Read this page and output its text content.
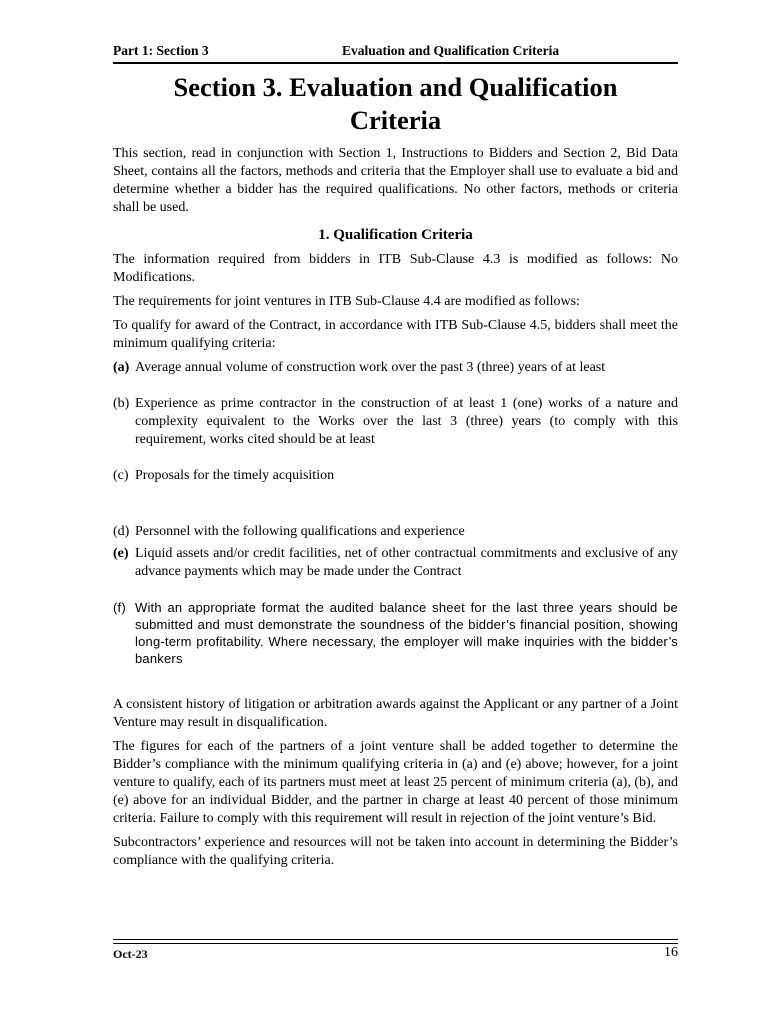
Part 1: Section 3	Evaluation and Qualification Criteria
Section 3. Evaluation and Qualification
Criteria

This section, read in conjunction with Section 1, Instructions to Bidders and Section 2, Bid Data Sheet, contains all the factors, methods and criteria that the Employer shall use to evaluate a bid and determine whether a bidder has the required qualifications. No other factors, methods or criteria shall be used.

1. Qualification Criteria

The information required from bidders in ITB Sub-Clause 4.3 is modified as follows: No Modifications.

The requirements for joint ventures in ITB Sub-Clause 4.4 are modified as follows:

To qualify for award of the Contract, in accordance with ITB Sub-Clause 4.5, bidders shall meet the minimum qualifying criteria:

(a) Average annual volume of construction work over the past 3 (three) years of at least
(b) Experience as prime contractor in the construction of at least 1 (one) works of a nature and complexity equivalent to the Works over the last 3 (three) years (to comply with this requirement, works cited should be at least
(c) Proposals for the timely acquisition
(d) Personnel with the following qualifications and experience
(e) Liquid assets and/or credit facilities, net of other contractual commitments and exclusive of any advance payments which may be made under the Contract
(f) With an appropriate format the audited balance sheet for the last three years should be submitted and must demonstrate the soundness of the bidder’s financial position, showing long-term profitability. Where necessary, the employer will make inquiries with the bidder’s bankers

A consistent history of litigation or arbitration awards against the Applicant or any partner of a Joint Venture may result in disqualification.

The figures for each of the partners of a joint venture shall be added together to determine the Bidder’s compliance with the minimum qualifying criteria in (a) and (e) above; however, for a joint venture to qualify, each of its partners must meet at least 25 percent of minimum criteria (a), (b), and (e) above for an individual Bidder, and the partner in charge at least 40 percent of those minimum criteria. Failure to comply with this requirement will result in rejection of the joint venture’s Bid.

Subcontractors’ experience and resources will not be taken into account in determining the Bidder’s compliance with the qualifying criteria.

Oct-23	16
